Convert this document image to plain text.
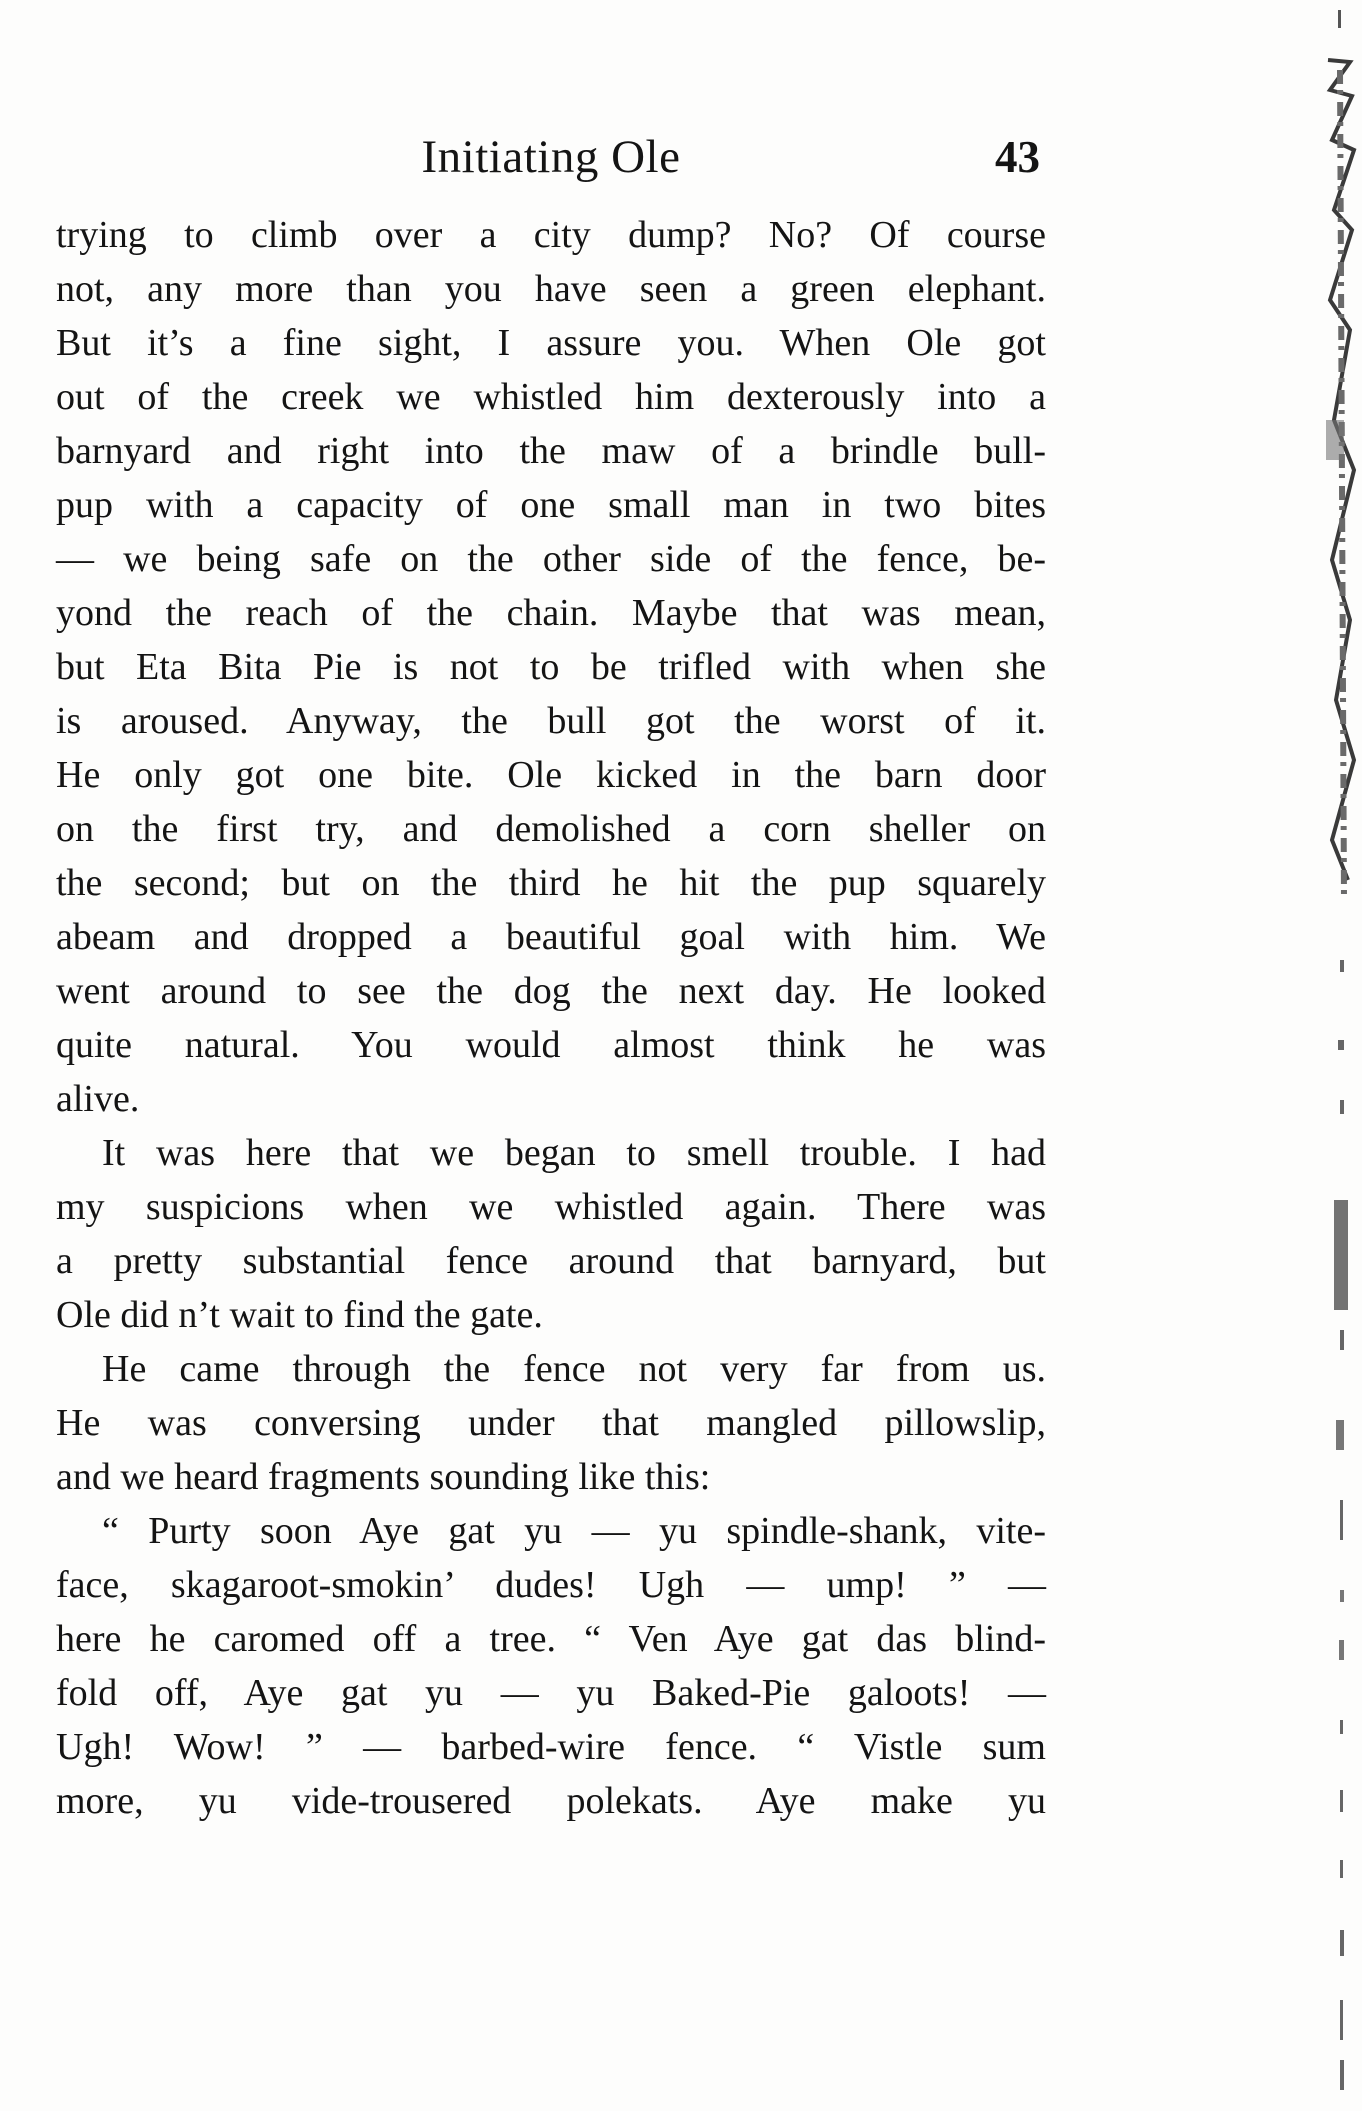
Initiating Ole	43
trying to climb over a city dump? No? Of course
not, any more than you have seen a green elephant.
But it’s a fine sight, I assure you. When Ole got
out of the creek we whistled him dexterously into a
barnyard and right into the maw of a brindle bull-
pup with a capacity of one small man in two bites
— we being safe on the other side of the fence, be-
yond the reach of the chain. Maybe that was mean,
but Eta Bita Pie is not to be trifled with when she
is aroused. Anyway, the bull got the worst of it.
He only got one bite. Ole kicked in the barn door
on the first try, and demolished a corn sheller on
the second; but on the third he hit the pup squarely
abeam and dropped a beautiful goal with him. We
went around to see the dog the next day. He looked
quite natural. You would almost think he was
alive.
It was here that we began to smell trouble. I had
my suspicions when we whistled again. There was
a pretty substantial fence around that barnyard, but
Ole did n’t wait to find the gate.
He came through the fence not very far from us.
He was conversing under that mangled pillowslip,
and we heard fragments sounding like this:
“ Purty soon Aye gat yu — yu spindle-shank, vite-
face, skagaroot-smokin’ dudes! Ugh — ump! ” —
here he caromed off a tree. “ Ven Aye gat das blind-
fold off, Aye gat yu — yu Baked-Pie galoots! —
Ugh! Wow! ” — barbed-wire fence. “ Vistle sum
more, yu vide-trousered polekats. Aye make yu
